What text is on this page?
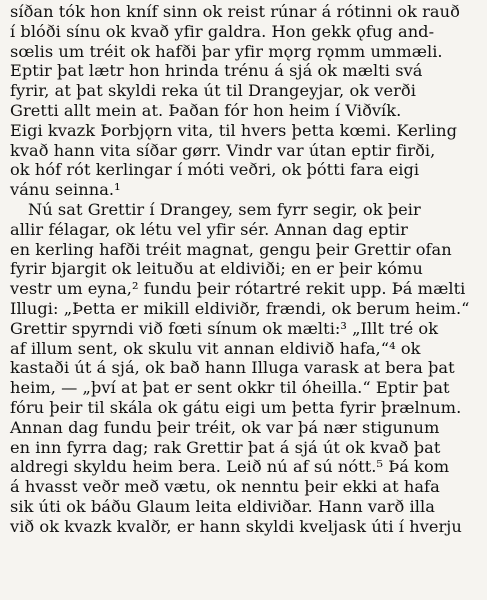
síðan tók hon kníf sinn ok reist rúnar á rótinni ok rauð
í blóði sínu ok kvað yfir galdra. Hon gekk ǫfug and-
sœlis um tréit ok hafði þar yfir mǫrg rǫmm ummæli.
Eptir þat lætr hon hrinda trénu á sjá ok mælti svá
fyrir, at þat skyldi reka út til Drangeyjar, ok verði
Gretti allt mein at. Þaðan fór hon heim í Viðvík.
Eigi kvazk Þorbjǫrn vita, til hvers þetta kœmi. Kerling
kvað hann vita síðar gørr. Vindr var útan eptir firði,
ok hóf rót kerlingar í móti veðri, ok þótti fara eigi
vánu seinna.¹
Nú sat Grettir í Drangey, sem fyrr segir, ok þeir
allir félagar, ok létu vel yfir sér. Annan dag eptir
en kerling hafði tréit magnat, gengu þeir Grettir ofan
fyrir bjargit ok leituðu at eldiviði; en er þeir kómu
vestr um eyna,² fundu þeir rótartré rekit upp. Þá mælti
Illugi: „Þetta er mikill eldiviðr, frændi, ok berum heim.“
Grettir spyrndi við fœti sínum ok mælti:³ „Illt tré ok
af illum sent, ok skulu vit annan eldivið hafa,“⁴ ok
kastaði út á sjá, ok bað hann Illuga varask at bera þat
heim, — „því at þat er sent okkr til óheilla.“ Eptir þat
fóru þeir til skála ok gátu eigi um þetta fyrir þrælnum.
Annan dag fundu þeir tréit, ok var þá nær stigunum
en inn fyrra dag; rak Grettir þat á sjá út ok kvað þat
aldregi skyldu heim bera. Leið nú af sú nótt.⁵ Þá kom
á hvasst veðr með vætu, ok nenntu þeir ekki at hafa
sik úti ok báðu Glaum leita eldiviðar. Hann varð illa
við ok kvazk kvalðr, er hann skyldi kveljask úti í hverju
